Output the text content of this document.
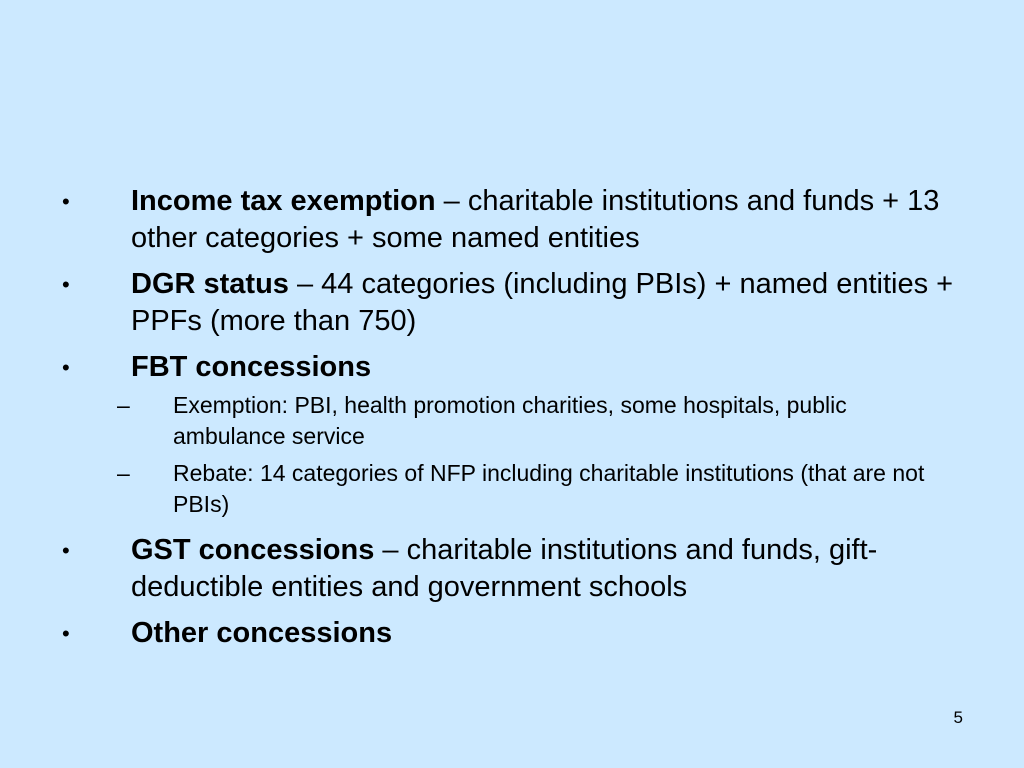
• Income tax exemption – charitable institutions and funds + 13 other categories + some named entities
• DGR status – 44 categories (including PBIs) + named entities + PPFs (more than 750)
• FBT concessions
– Exemption: PBI, health promotion charities, some hospitals, public ambulance service
– Rebate: 14 categories of NFP including charitable institutions (that are not PBIs)
• GST concessions – charitable institutions and funds, gift-deductible entities and government schools
• Other concessions
5
